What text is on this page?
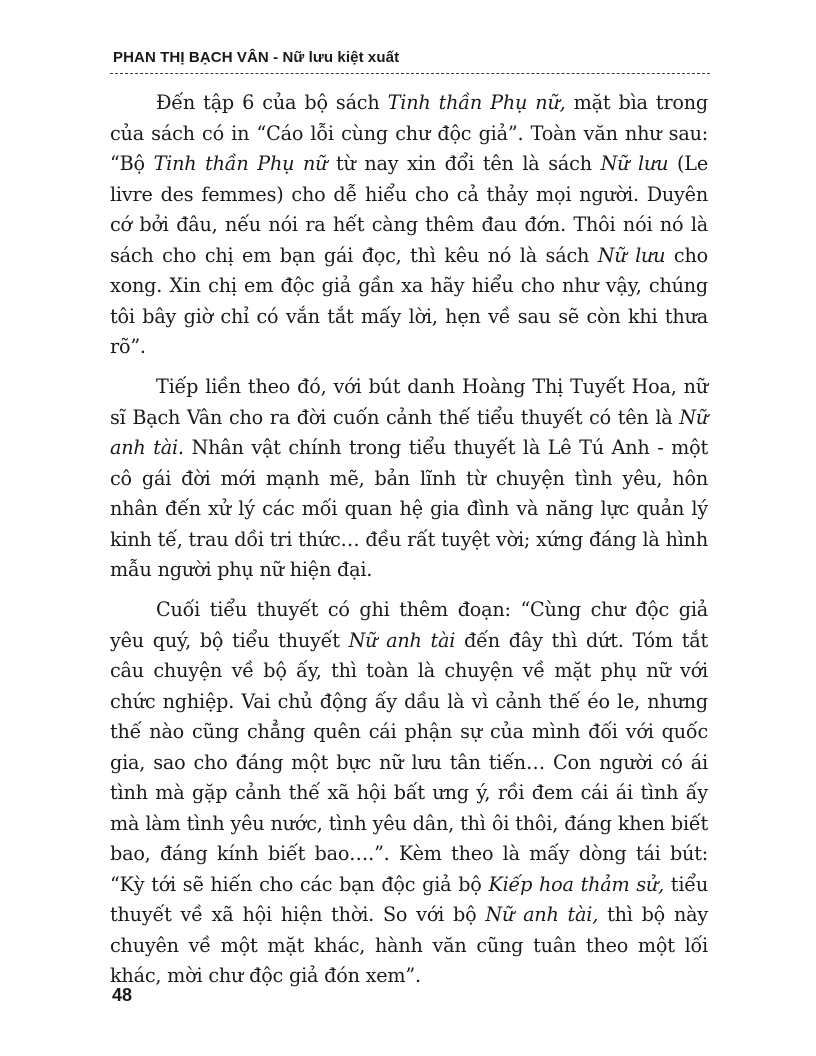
PHAN THỊ BẠCH VÂN - Nữ lưu kiệt xuất

Đến tập 6 của bộ sách Tinh thần Phụ nữ, mặt bìa trong của sách có in “Cáo lỗi cùng chư độc giả”. Toàn văn như sau: “Bộ Tinh thần Phụ nữ từ nay xin đổi tên là sách Nữ lưu (Le livre des femmes) cho dễ hiểu cho cả thảy mọi người. Duyên cớ bởi đâu, nếu nói ra hết càng thêm đau đớn. Thôi nói nó là sách cho chị em bạn gái đọc, thì kêu nó là sách Nữ lưu cho xong. Xin chị em độc giả gần xa hãy hiểu cho như vậy, chúng tôi bây giờ chỉ có vắn tắt mấy lời, hẹn về sau sẽ còn khi thưa rõ”.

Tiếp liền theo đó, với bút danh Hoàng Thị Tuyết Hoa, nữ sĩ Bạch Vân cho ra đời cuốn cảnh thế tiểu thuyết có tên là Nữ anh tài. Nhân vật chính trong tiểu thuyết là Lê Tú Anh - một cô gái đời mới mạnh mẽ, bản lĩnh từ chuyện tình yêu, hôn nhân đến xử lý các mối quan hệ gia đình và năng lực quản lý kinh tế, trau dồi tri thức… đều rất tuyệt vời; xứng đáng là hình mẫu người phụ nữ hiện đại.

Cuối tiểu thuyết có ghi thêm đoạn: “Cùng chư độc giả yêu quý, bộ tiểu thuyết Nữ anh tài đến đây thì dứt. Tóm tắt câu chuyện về bộ ấy, thì toàn là chuyện về mặt phụ nữ với chức nghiệp. Vai chủ động ấy dầu là vì cảnh thế éo le, nhưng thế nào cũng chẳng quên cái phận sự của mình đối với quốc gia, sao cho đáng một bực nữ lưu tân tiến… Con người có ái tình mà gặp cảnh thế xã hội bất ưng ý, rồi đem cái ái tình ấy mà làm tình yêu nước, tình yêu dân, thì ôi thôi, đáng khen biết bao, đáng kính biết bao….”. Kèm theo là mấy dòng tái bút: “Kỳ tới sẽ hiến cho các bạn độc giả bộ Kiếp hoa thảm sử, tiểu thuyết về xã hội hiện thời. So với bộ Nữ anh tài, thì bộ này chuyên về một mặt khác, hành văn cũng tuân theo một lối khác, mời chư độc giả đón xem”.

48
